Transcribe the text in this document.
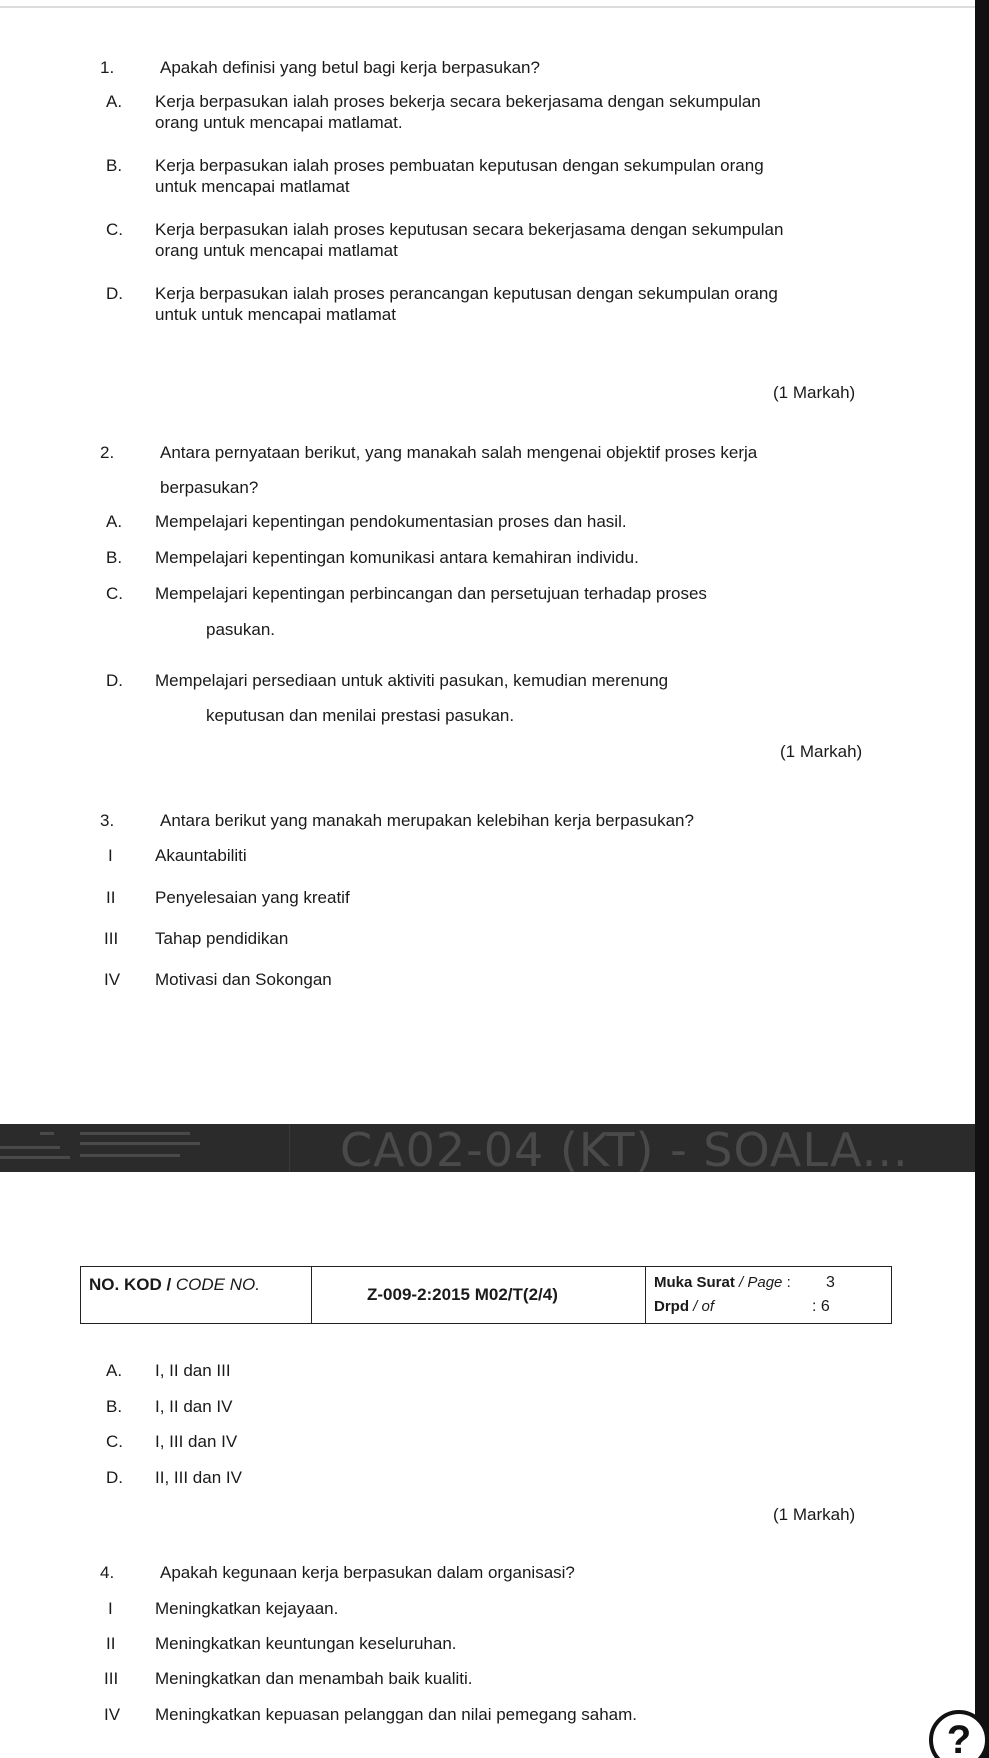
1.	Apakah definisi yang betul bagi kerja berpasukan?
A. Kerja berpasukan ialah proses bekerja secara bekerjasama dengan sekumpulan
orang untuk mencapai matlamat.
B. Kerja berpasukan ialah proses pembuatan keputusan dengan sekumpulan orang
untuk mencapai matlamat
C. Kerja berpasukan ialah proses keputusan secara bekerjasama dengan sekumpulan
orang untuk mencapai matlamat
D. Kerja berpasukan ialah proses perancangan keputusan dengan sekumpulan orang
untuk untuk mencapai matlamat
(1 Markah)
2.	Antara pernyataan berikut, yang manakah salah mengenai objektif proses kerja
berpasukan?
A. Mempelajari kepentingan pendokumentasian proses dan hasil.
B. Mempelajari kepentingan komunikasi antara kemahiran individu.
C. Mempelajari kepentingan perbincangan dan persetujuan terhadap proses
pasukan.
D. Mempelajari persediaan untuk aktiviti pasukan, kemudian merenung
keputusan dan menilai prestasi pasukan.
(1 Markah)
3.	Antara berikut yang manakah merupakan kelebihan kerja berpasukan?
I Akauntabiliti
II Penyelesaian yang kreatif
III Tahap pendidikan
IV Motivasi dan Sokongan
CA02-04 (KT) - SOALA...
NO. KOD / CODE NO.
Z-009-2:2015 M02/T(2/4)
Muka Surat / Page : 3
Drpd / of	: 6
A. I, II dan III
B. I, II dan IV
C. I, III dan IV
D. II, III dan IV
(1 Markah)
4.	Apakah kegunaan kerja berpasukan dalam organisasi?
I Meningkatkan kejayaan.
II Meningkatkan keuntungan keseluruhan.
III Meningkatkan dan menambah baik kualiti.
IV Meningkatkan kepuasan pelanggan dan nilai pemegang saham.
?
